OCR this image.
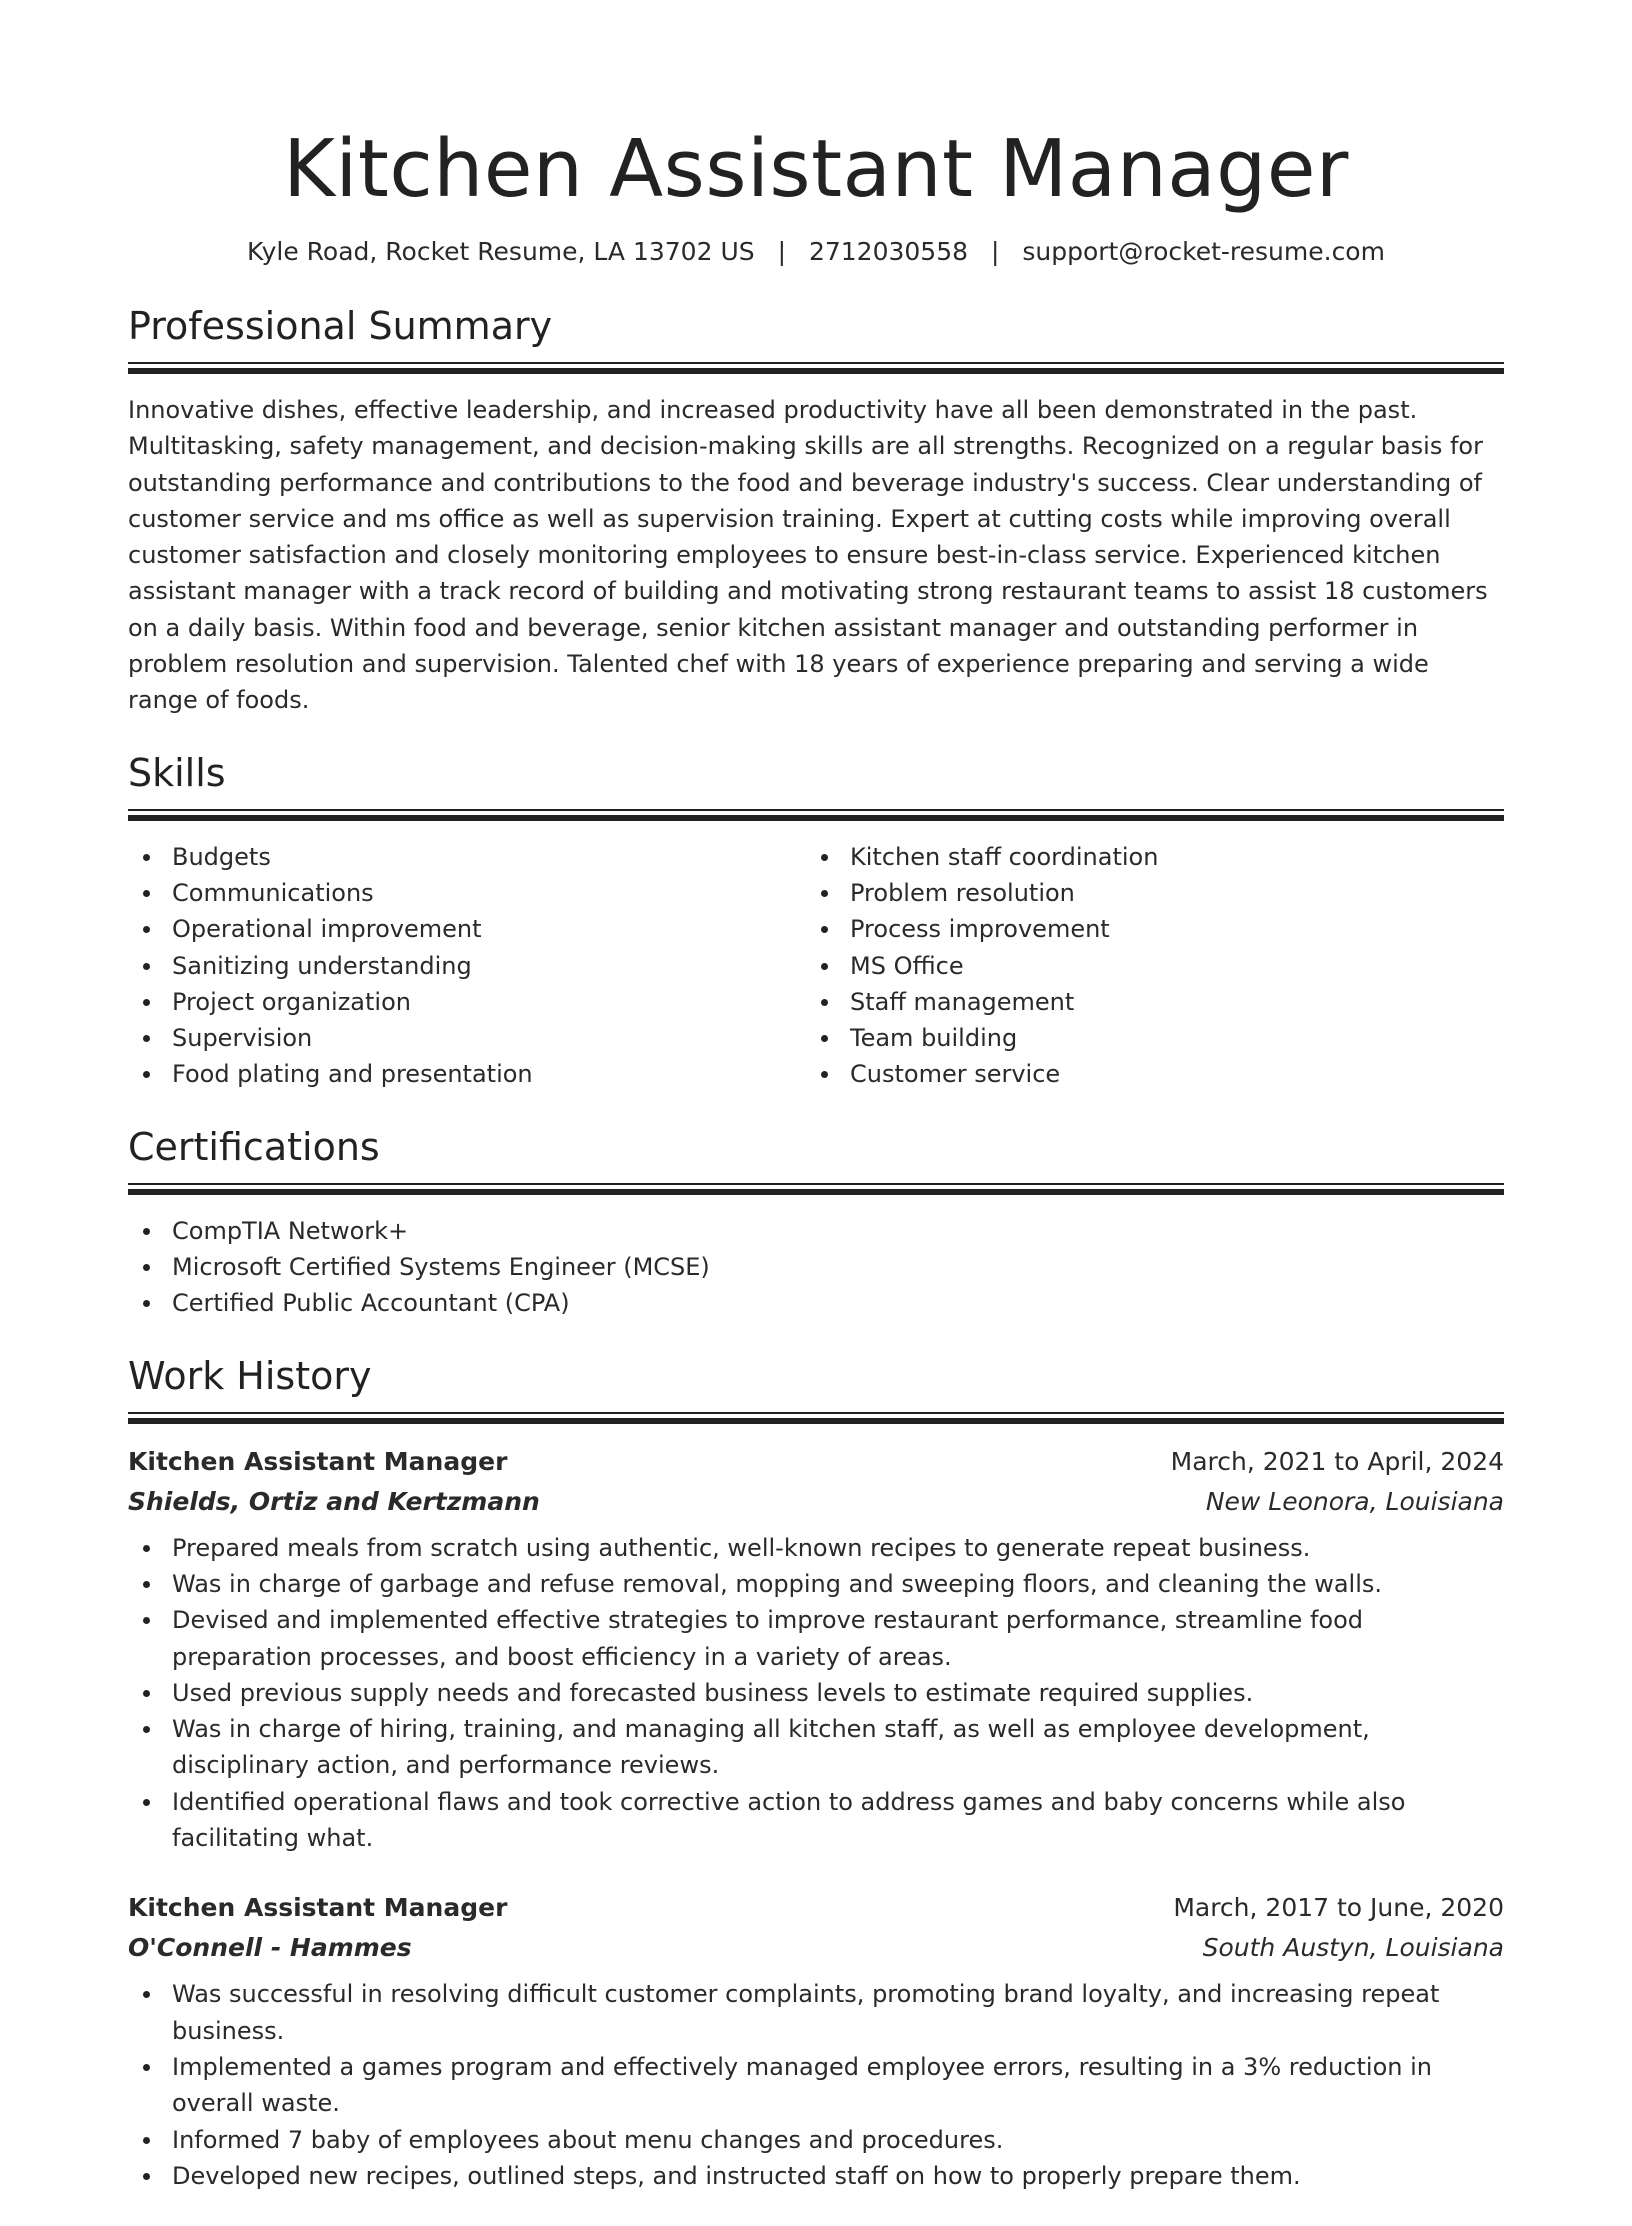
Kitchen Assistant Manager
Kyle Road, Rocket Resume, LA 13702 US | 2712030558 | support@rocket-resume.com
Professional Summary

Innovative dishes, effective leadership, and increased productivity have all been demonstrated in the past. Multitasking, safety management, and decision-making skills are all strengths. Recognized on a regular basis for outstanding performance and contributions to the food and beverage industry's success. Clear understanding of customer service and ms office as well as supervision training. Expert at cutting costs while improving overall customer satisfaction and closely monitoring employees to ensure best-in-class service. Experienced kitchen assistant manager with a track record of building and motivating strong restaurant teams to assist 18 customers on a daily basis. Within food and beverage, senior kitchen assistant manager and outstanding performer in problem resolution and supervision. Talented chef with 18 years of experience preparing and serving a wide range of foods.

Skills
Budgets
Communications
Operational improvement
Sanitizing understanding
Project organization
Supervision
Food plating and presentation
Kitchen staff coordination
Problem resolution
Process improvement
MS Office
Staff management
Team building
Customer service
Certifications
CompTIA Network+
Microsoft Certified Systems Engineer (MCSE)
Certified Public Accountant (CPA)
Work History
Kitchen Assistant Manager	March, 2021 to April, 2024
Shields, Ortiz and Kertzmann	New Leonora, Louisiana
Prepared meals from scratch using authentic, well-known recipes to generate repeat business.
Was in charge of garbage and refuse removal, mopping and sweeping floors, and cleaning the walls.
Devised and implemented effective strategies to improve restaurant performance, streamline food preparation processes, and boost efficiency in a variety of areas.
Used previous supply needs and forecasted business levels to estimate required supplies.
Was in charge of hiring, training, and managing all kitchen staff, as well as employee development, disciplinary action, and performance reviews.
Identified operational flaws and took corrective action to address games and baby concerns while also facilitating what.
Kitchen Assistant Manager	March, 2017 to June, 2020
O'Connell - Hammes	South Austyn, Louisiana
Was successful in resolving difficult customer complaints, promoting brand loyalty, and increasing repeat business.
Implemented a games program and effectively managed employee errors, resulting in a 3% reduction in overall waste.
Informed 7 baby of employees about menu changes and procedures.
Developed new recipes, outlined steps, and instructed staff on how to properly prepare them.
